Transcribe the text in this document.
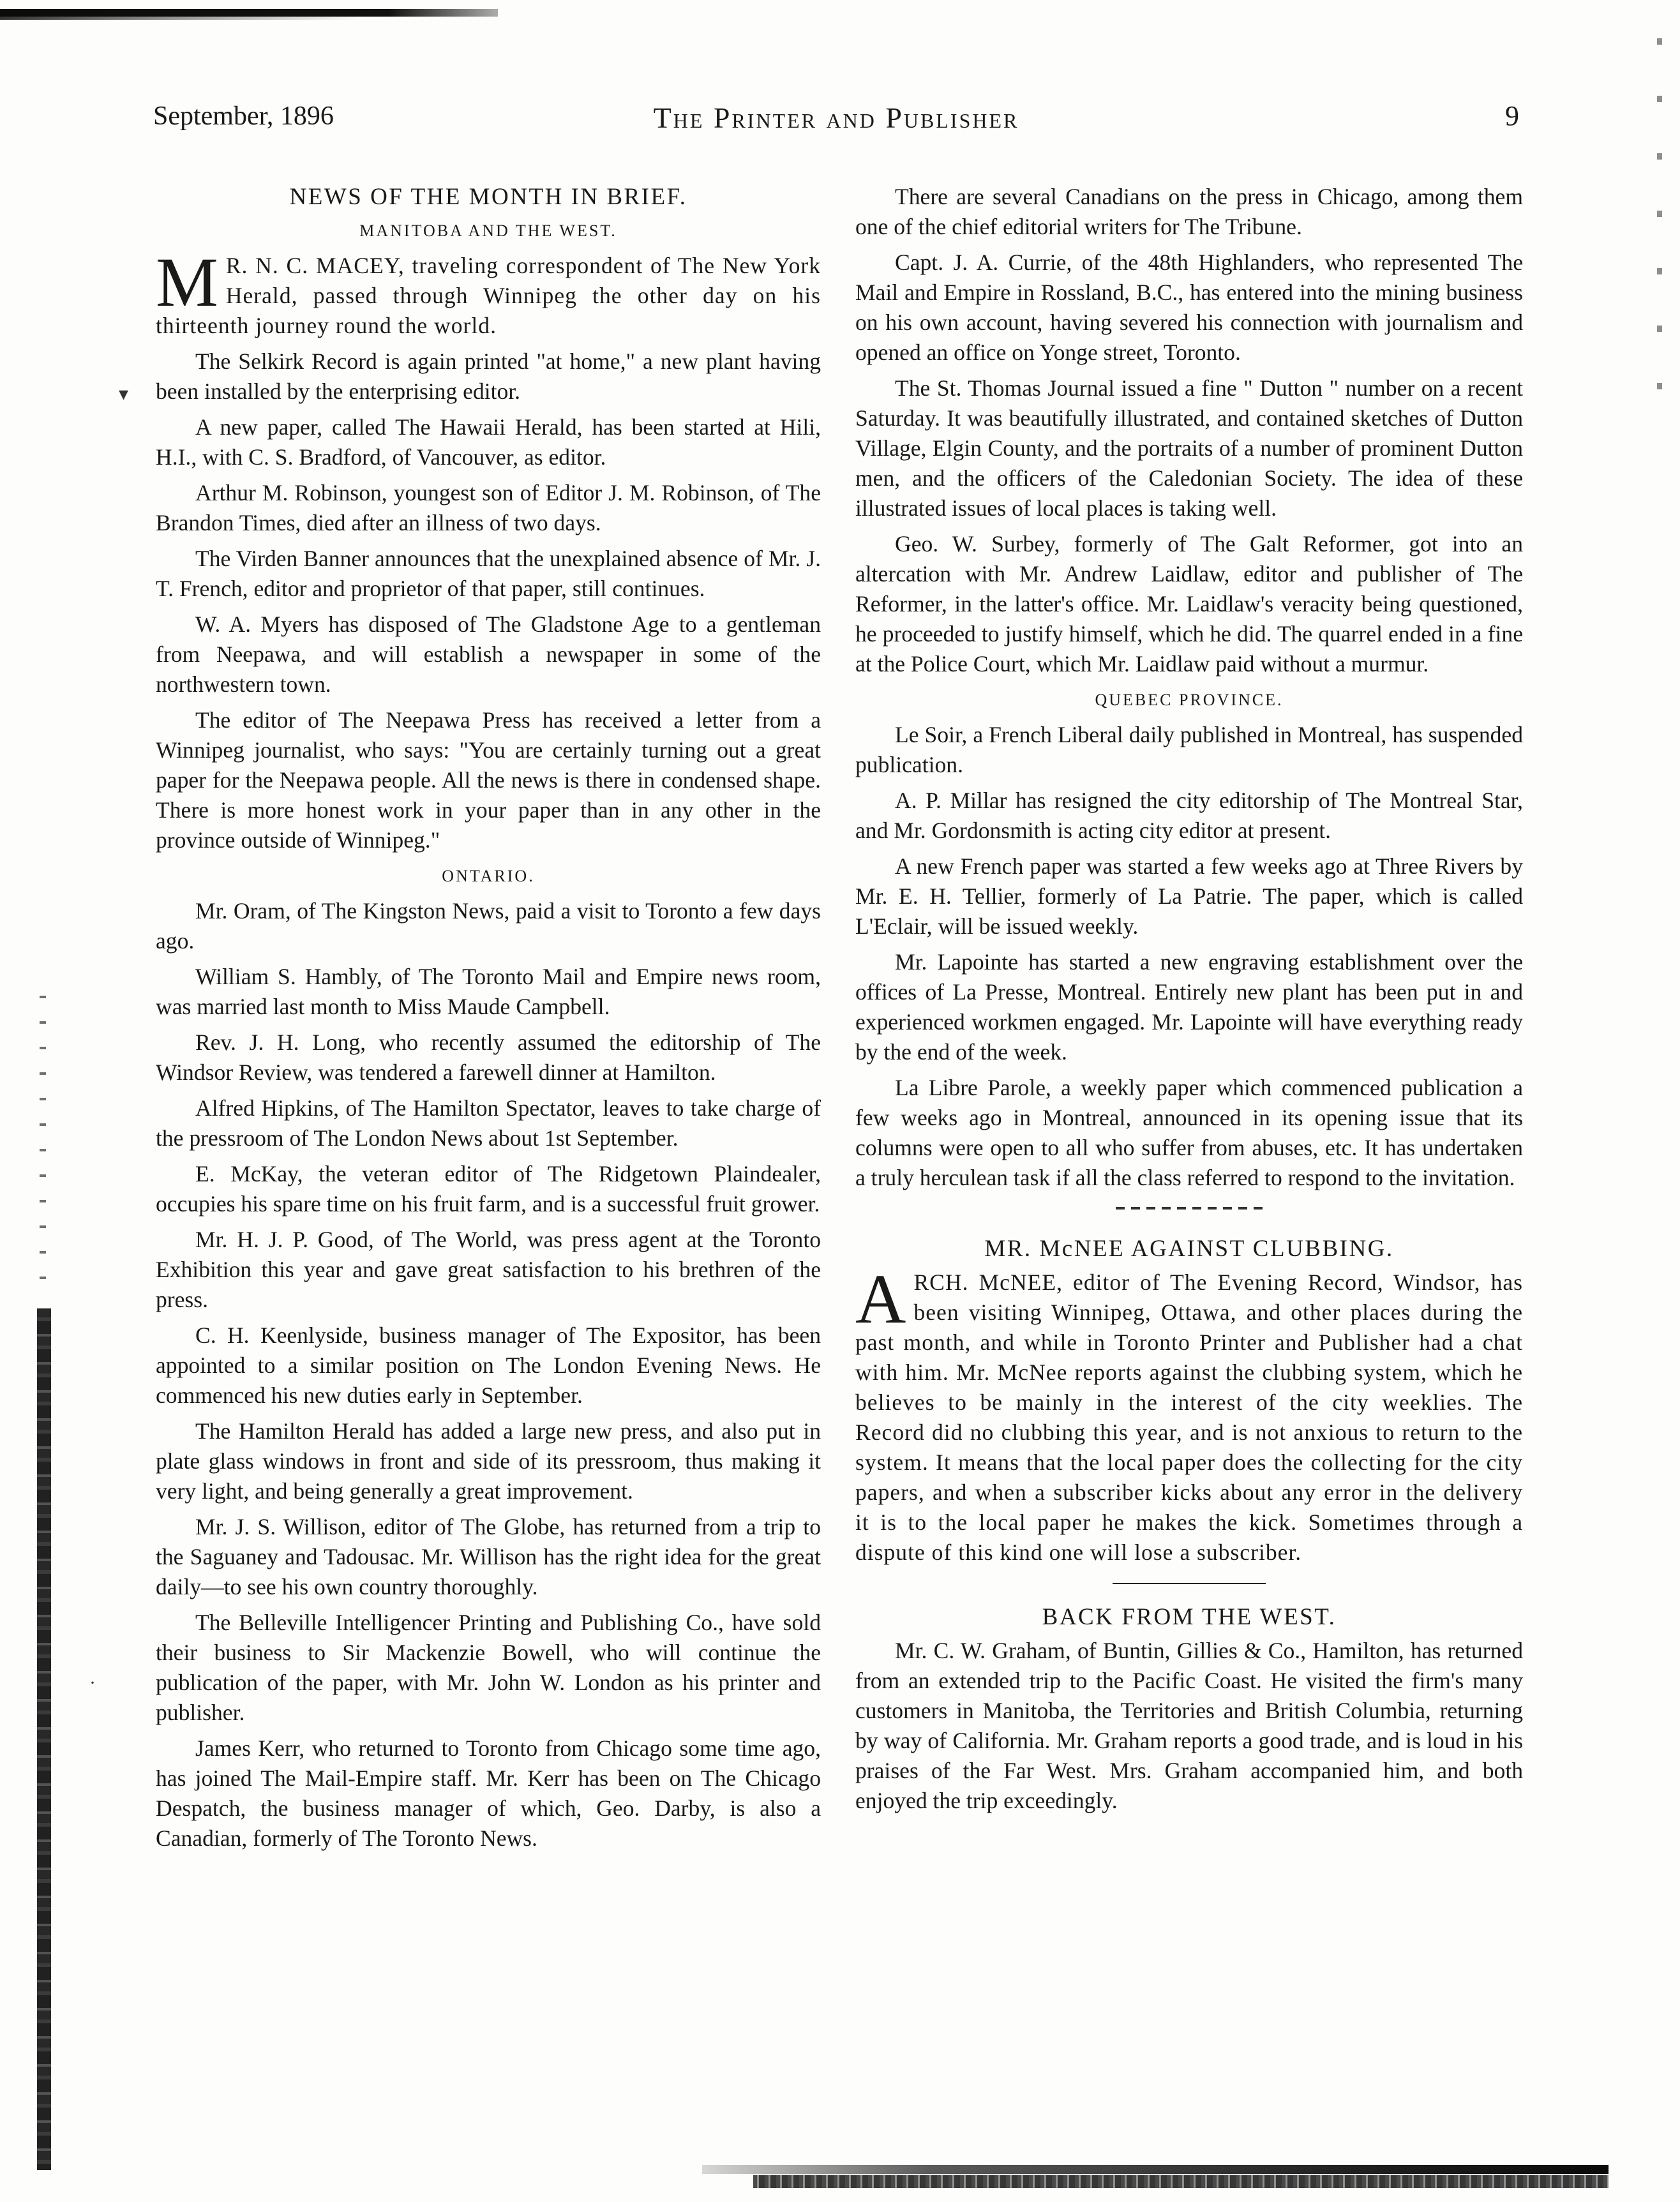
▾
·
September, 1896	The Printer and Publisher	9
NEWS OF THE MONTH IN BRIEF.
MANITOBA AND THE WEST.

M R. N. C. MACEY, traveling correspondent of The New York Herald, passed through Winnipeg the other day on his thirteenth journey round the world.

The Selkirk Record is again printed "at home," a new plant having been installed by the enterprising editor.

A new paper, called The Hawaii Herald, has been started at Hili, H.I., with C. S. Bradford, of Vancouver, as editor.

Arthur M. Robinson, youngest son of Editor J. M. Robinson, of The Brandon Times, died after an illness of two days.

The Virden Banner announces that the unexplained absence of Mr. J. T. French, editor and proprietor of that paper, still continues.

W. A. Myers has disposed of The Gladstone Age to a gentleman from Neepawa, and will establish a newspaper in some of the northwestern town.

The editor of The Neepawa Press has received a letter from a Winnipeg journalist, who says: "You are certainly turning out a great paper for the Neepawa people. All the news is there in condensed shape. There is more honest work in your paper than in any other in the province outside of Winnipeg."

ONTARIO.

Mr. Oram, of The Kingston News, paid a visit to Toronto a few days ago.

William S. Hambly, of The Toronto Mail and Empire news room, was married last month to Miss Maude Campbell.

Rev. J. H. Long, who recently assumed the editorship of The Windsor Review, was tendered a farewell dinner at Hamilton.

Alfred Hipkins, of The Hamilton Spectator, leaves to take charge of the pressroom of The London News about 1st September.

E. McKay, the veteran editor of The Ridgetown Plaindealer, occupies his spare time on his fruit farm, and is a successful fruit grower.

Mr. H. J. P. Good, of The World, was press agent at the Toronto Exhibition this year and gave great satisfaction to his brethren of the press.

C. H. Keenlyside, business manager of The Expositor, has been appointed to a similar position on The London Evening News. He commenced his new duties early in September.

The Hamilton Herald has added a large new press, and also put in plate glass windows in front and side of its pressroom, thus making it very light, and being generally a great improvement.

Mr. J. S. Willison, editor of The Globe, has returned from a trip to the Saguaney and Tadousac. Mr. Willison has the right idea for the great daily—to see his own country thoroughly.

The Belleville Intelligencer Printing and Publishing Co., have sold their business to Sir Mackenzie Bowell, who will continue the publication of the paper, with Mr. John W. London as his printer and publisher.

James Kerr, who returned to Toronto from Chicago some time ago, has joined The Mail-Empire staff. Mr. Kerr has been on The Chicago Despatch, the business manager of which, Geo. Darby, is also a Canadian, formerly of The Toronto News.

There are several Canadians on the press in Chicago, among them one of the chief editorial writers for The Tribune.

Capt. J. A. Currie, of the 48th Highlanders, who represented The Mail and Empire in Rossland, B.C., has entered into the mining business on his own account, having severed his connection with journalism and opened an office on Yonge street, Toronto.

The St. Thomas Journal issued a fine " Dutton " number on a recent Saturday. It was beautifully illustrated, and contained sketches of Dutton Village, Elgin County, and the portraits of a number of prominent Dutton men, and the officers of the Caledonian Society. The idea of these illustrated issues of local places is taking well.

Geo. W. Surbey, formerly of The Galt Reformer, got into an altercation with Mr. Andrew Laidlaw, editor and publisher of The Reformer, in the latter's office. Mr. Laidlaw's veracity being questioned, he proceeded to justify himself, which he did. The quarrel ended in a fine at the Police Court, which Mr. Laidlaw paid without a murmur.

QUEBEC PROVINCE.

Le Soir, a French Liberal daily published in Montreal, has suspended publication.

A. P. Millar has resigned the city editorship of The Montreal Star, and Mr. Gordonsmith is acting city editor at present.

A new French paper was started a few weeks ago at Three Rivers by Mr. E. H. Tellier, formerly of La Patrie. The paper, which is called L'Eclair, will be issued weekly.

Mr. Lapointe has started a new engraving establishment over the offices of La Presse, Montreal. Entirely new plant has been put in and experienced workmen engaged. Mr. Lapointe will have everything ready by the end of the week.

La Libre Parole, a weekly paper which commenced publication a few weeks ago in Montreal, announced in its opening issue that its columns were open to all who suffer from abuses, etc. It has undertaken a truly herculean task if all the class referred to respond to the invitation.

MR. McNEE AGAINST CLUBBING.

ARCH. McNEE, editor of The Evening Record, Windsor, has been visiting Winnipeg, Ottawa, and other places during the past month, and while in Toronto Printer and Publisher had a chat with him. Mr. McNee reports against the clubbing system, which he believes to be mainly in the interest of the city weeklies. The Record did no clubbing this year, and is not anxious to return to the system. It means that the local paper does the collecting for the city papers, and when a subscriber kicks about any error in the delivery it is to the local paper he makes the kick. Sometimes through a dispute of this kind one will lose a subscriber.

BACK FROM THE WEST.

Mr. C. W. Graham, of Buntin, Gillies & Co., Hamilton, has returned from an extended trip to the Pacific Coast. He visited the firm's many customers in Manitoba, the Territories and British Columbia, returning by way of California. Mr. Graham reports a good trade, and is loud in his praises of the Far West. Mrs. Graham accompanied him, and both enjoyed the trip exceedingly.
